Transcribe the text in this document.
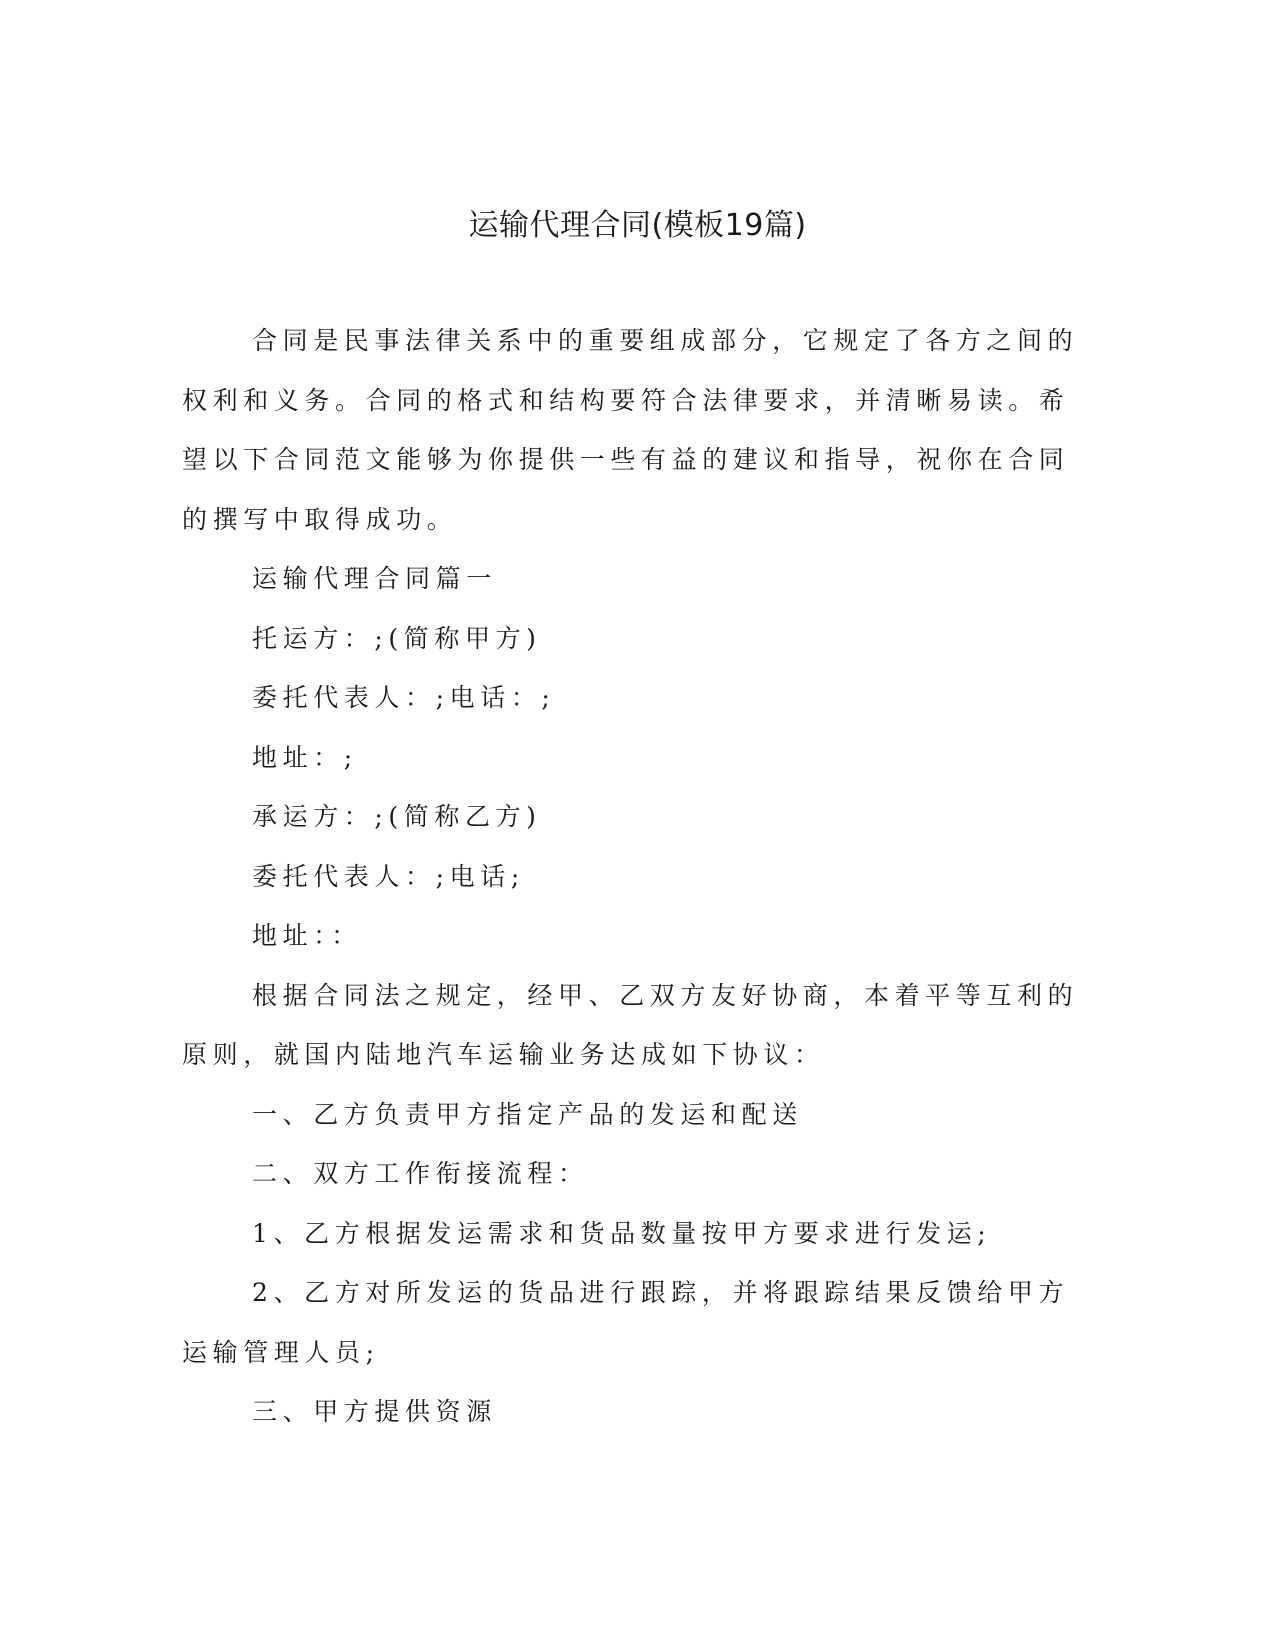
运输代理合同(模板19篇)

合同是民事法律关系中的重要组成部分，它规定了各方之间的权利和义务。合同的格式和结构要符合法律要求，并清晰易读。希望以下合同范文能够为你提供一些有益的建议和指导，祝你在合同的撰写中取得成功。

运输代理合同篇一

托运方：;(简称甲方)

委托代表人：;电话：;

地址：;

承运方：;(简称乙方)

委托代表人：;电话;

地址：：

根据合同法之规定，经甲、乙双方友好协商，本着平等互利的原则，就国内陆地汽车运输业务达成如下协议：

一、乙方负责甲方指定产品的发运和配送

二、双方工作衔接流程：

1、乙方根据发运需求和货品数量按甲方要求进行发运;

2、乙方对所发运的货品进行跟踪，并将跟踪结果反馈给甲方运输管理人员;

三、甲方提供资源
